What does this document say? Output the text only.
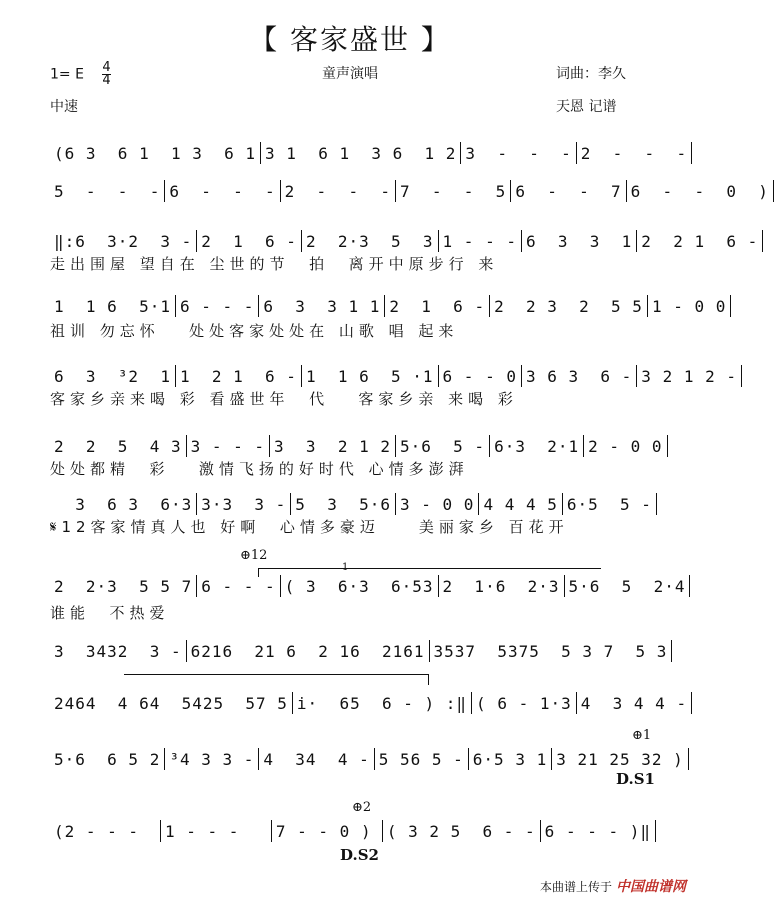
【 客家盛世 】
1= E $\frac{4}{4}$	童声演唱	词曲：李久
中速	天恩 记谱
(6 3  6 1  1 3  6 1 3 1  6 1  3 6  1 2 3  -  -  - 2  -  -  -
5  -  -  - 6  -  -  - 2  -  -  - 7  -  -  5 6  -  -  7 6  -  -  0  )
‖:6  3·2  3 - 2  1  6 - 2  2·3  5  3 1 - - - 6  3  3  1 2  2 1  6 -
走出围屋 望自在 尘世的节  拍  离开中原步行 来
1  1 6  5·1 6 - - - 6  3  3 1 1 2  1  6 - 2  2 3  2  5 5 1 - 0 0
祖训 勿忘怀   处处客家处处在 山歌 唱 起来
6  3  ³2  1 1  2 1  6 - 1  1 6  5 ·1 6 - - 0 3 6 3  6 - 3 2 1 2 -
客家乡亲来喝 彩 看盛世年  代   客家乡亲 来喝 彩
2  2  5  4 3 3 - - - 3  3  2 1 2 5·6  5 - 6·3  2·1 2 - 0 0
处处都精  彩   激情飞扬的好时代 心情多澎湃
3  6 3  6·3 3·3  3 - 5  3  5·6 3 - 0 0 4 4 4 5 6·5  5 -
𝄋12客家情真人也 好啊  心情多豪迈    美丽家乡 百花开
2  2·3  5 5 7 6 - - - ( 3  6·3  6·53 2  1·6  2·3 5·6  5  2·4
谁能  不热爱
3  3432  3 - 6216  21 6  2 16  2161 3537  5375  5 3 7  5 3
2464  4 64  5425  57 5 i·  65  6 - ) :‖ ( 6 - 1·3 4  3 4 4 -
5·6  6 5 2 ³4 3 3 - 4  34  4 - 5 56 5 - 6·5 3 1 3 21 25 32 )
(2 - - -	1 - - -	7 - - 0 ) ( 3 2 5  6 - - 6 - - - )‖
⊕12
1
⊕1
D.S1
⊕2
D.S2
本曲谱上传于 中国曲谱网
